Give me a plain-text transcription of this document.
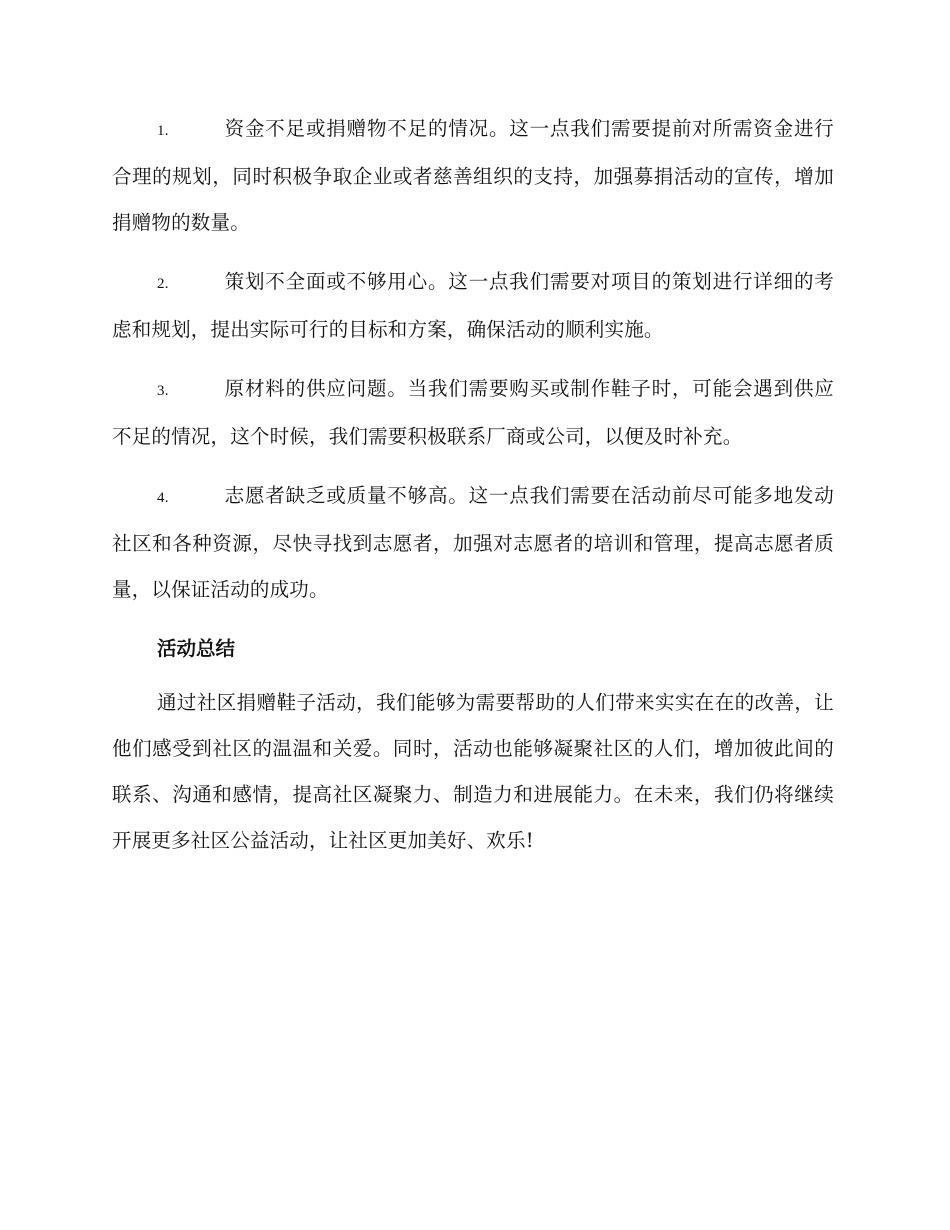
1.	资金不足或捐赠物不足的情况。这一点我们需要提前对所需资金进行合理的规划，同时积极争取企业或者慈善组织的支持，加强募捐活动的宣传，增加捐赠物的数量。

2.	策划不全面或不够用心。这一点我们需要对项目的策划进行详细的考虑和规划，提出实际可行的目标和方案，确保活动的顺利实施。

3.	原材料的供应问题。当我们需要购买或制作鞋子时，可能会遇到供应不足的情况，这个时候，我们需要积极联系厂商或公司，以便及时补充。

4.	志愿者缺乏或质量不够高。这一点我们需要在活动前尽可能多地发动社区和各种资源，尽快寻找到志愿者，加强对志愿者的培训和管理，提高志愿者质量，以保证活动的成功。

活动总结

通过社区捐赠鞋子活动，我们能够为需要帮助的人们带来实实在在的改善，让他们感受到社区的温温和关爱。同时，活动也能够凝聚社区的人们，增加彼此间的联系、沟通和感情，提高社区凝聚力、制造力和进展能力。在未来，我们仍将继续开展更多社区公益活动，让社区更加美好、欢乐!
